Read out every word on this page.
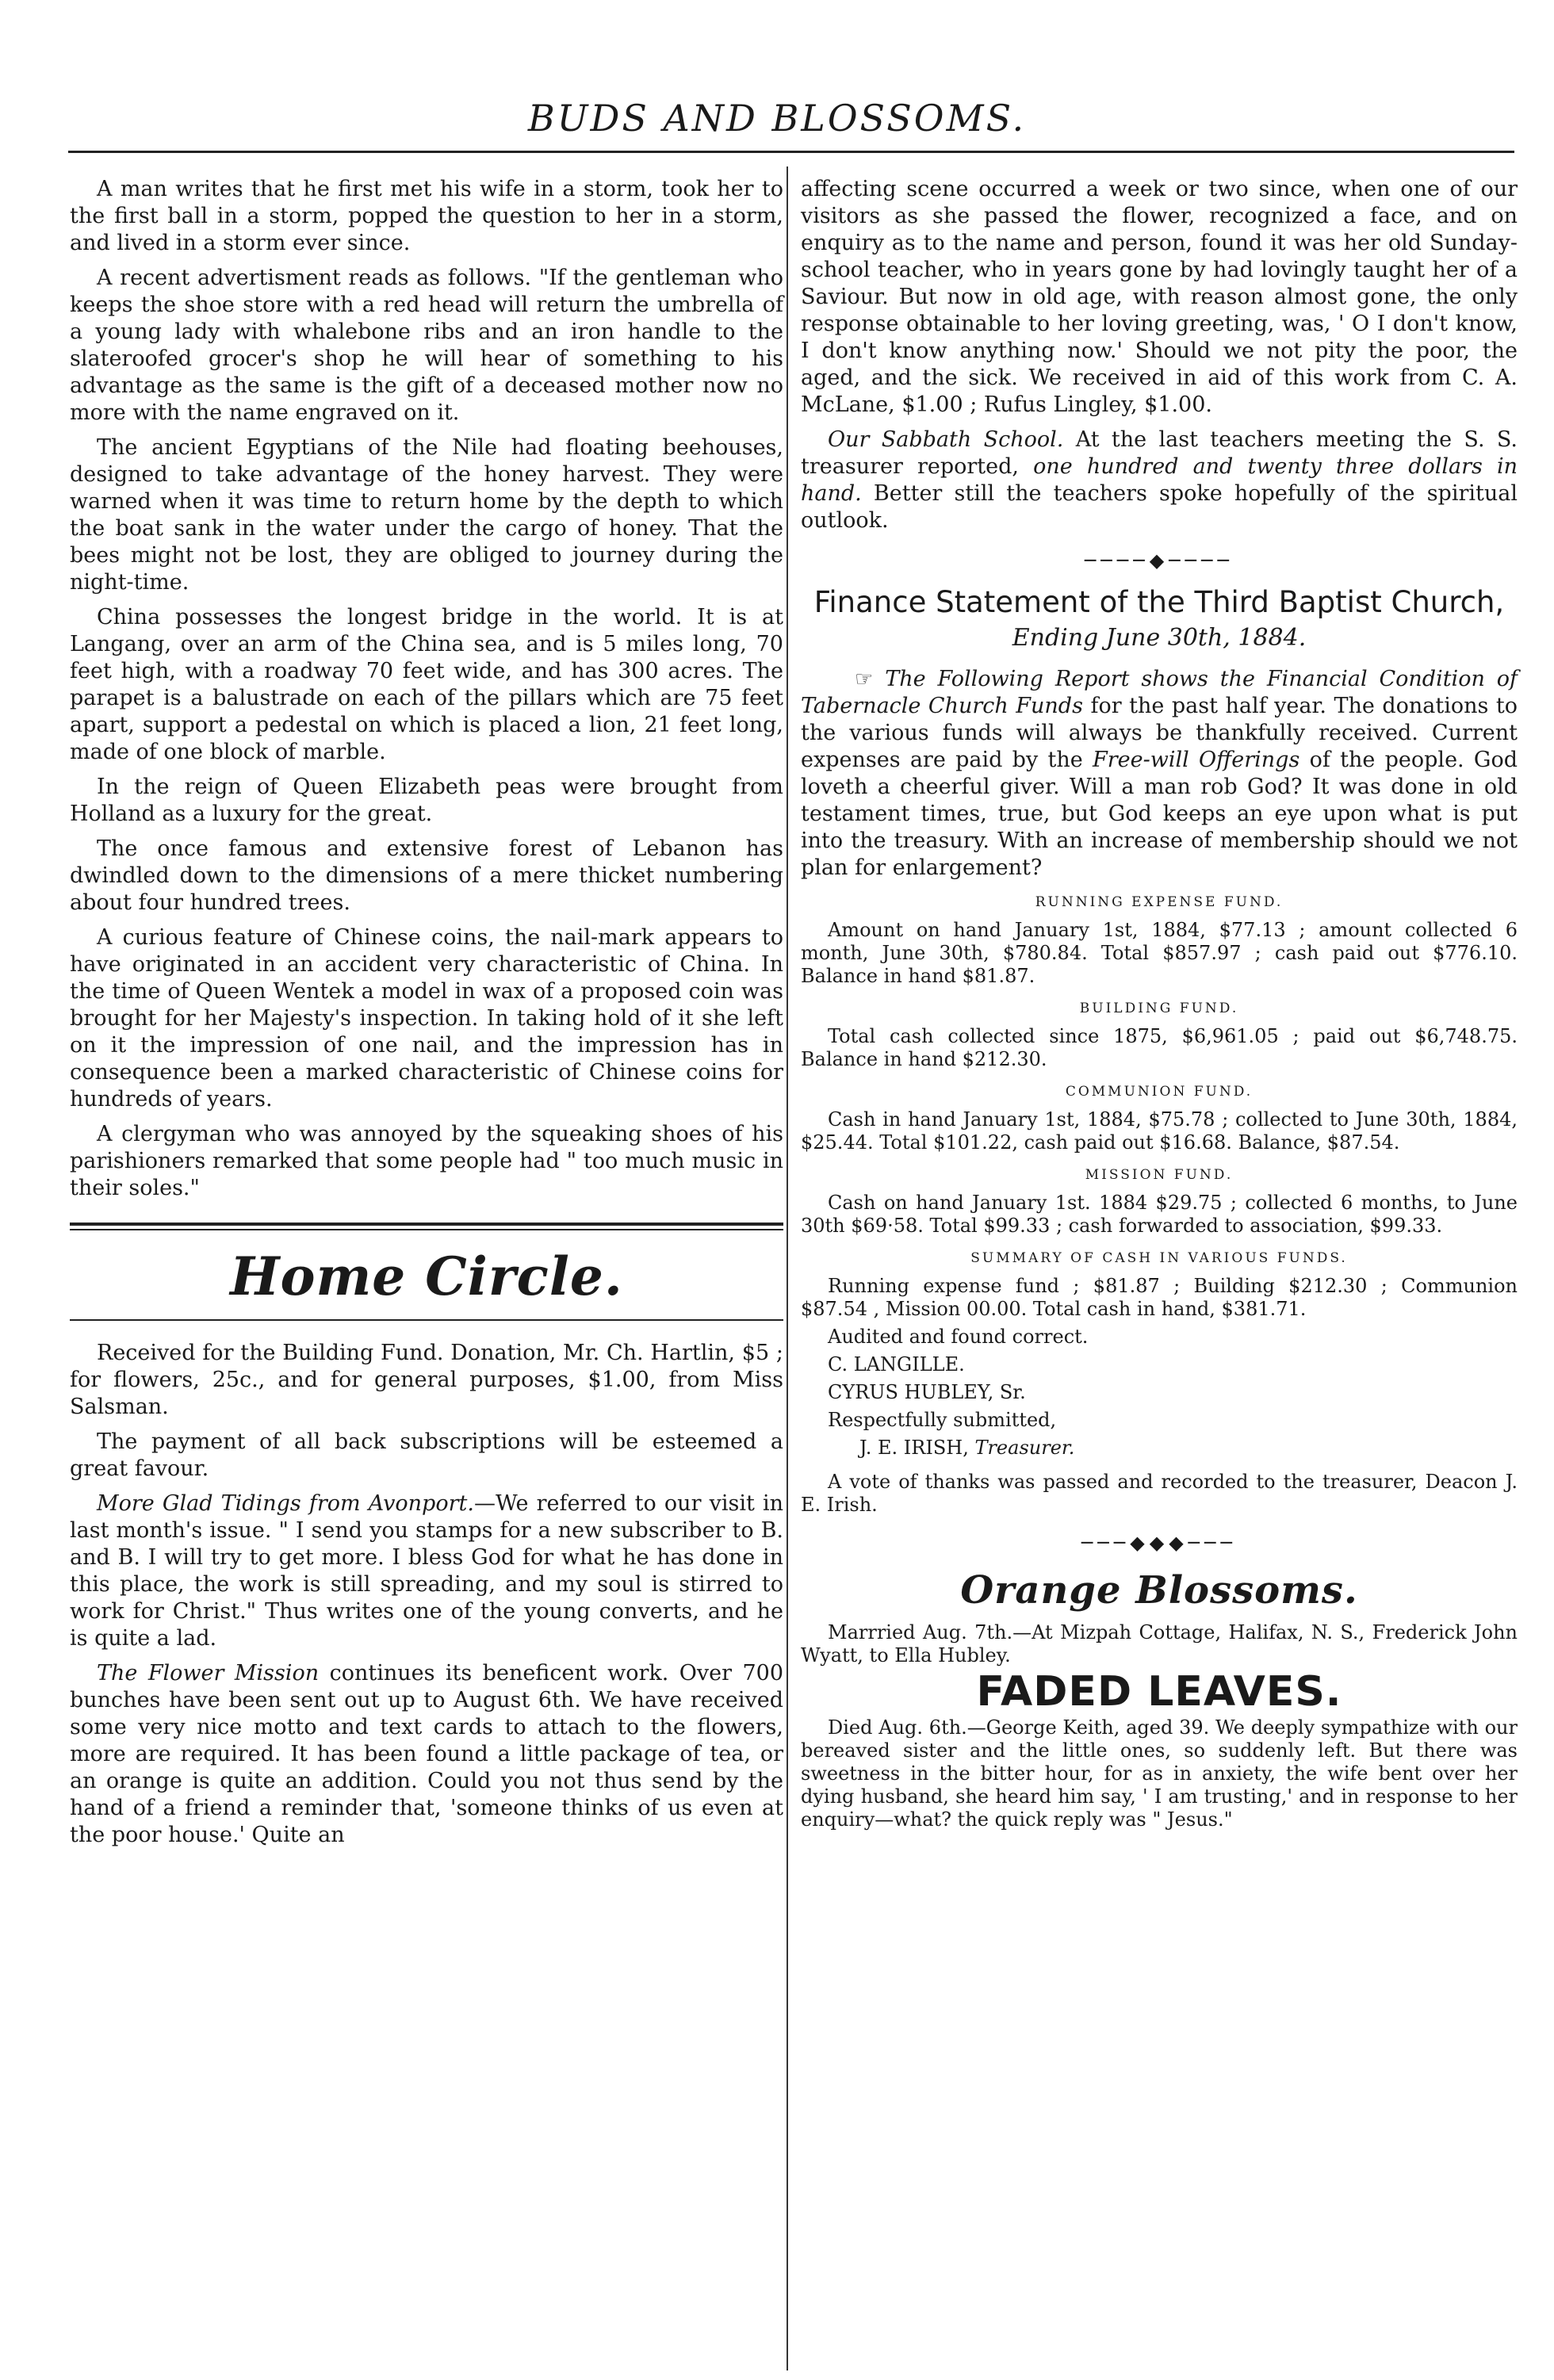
BUDS AND BLOSSOMS.

A man writes that he first met his wife in a storm, took her to the first ball in a storm, popped the question to her in a storm, and lived in a storm ever since.

A recent advertisment reads as follows. "If the gentleman who keeps the shoe store with a red head will return the umbrella of a young lady with whalebone ribs and an iron handle to the slateroofed grocer's shop he will hear of something to his advantage as the same is the gift of a deceased mother now no more with the name engraved on it.

The ancient Egyptians of the Nile had floating beehouses, designed to take advantage of the honey harvest. They were warned when it was time to return home by the depth to which the boat sank in the water under the cargo of honey. That the bees might not be lost, they are obliged to journey during the night-time.

China possesses the longest bridge in the world. It is at Langang, over an arm of the China sea, and is 5 miles long, 70 feet high, with a roadway 70 feet wide, and has 300 acres. The parapet is a balustrade on each of the pillars which are 75 feet apart, support a pedestal on which is placed a lion, 21 feet long, made of one block of marble.

In the reign of Queen Elizabeth peas were brought from Holland as a luxury for the great.

The once famous and extensive forest of Lebanon has dwindled down to the dimensions of a mere thicket numbering about four hundred trees.

A curious feature of Chinese coins, the nail-mark appears to have originated in an accident very characteristic of China. In the time of Queen Wentek a model in wax of a proposed coin was brought for her Majesty's inspection. In taking hold of it she left on it the impression of one nail, and the impression has in consequence been a marked characteristic of Chinese coins for hundreds of years.

A clergyman who was annoyed by the squeaking shoes of his parishioners remarked that some people had " too much music in their soles."

Home Circle.

Received for the Building Fund. Donation, Mr. Ch. Hartlin, $5 ; for flowers, 25c., and for general purposes, $1.00, from Miss Salsman.

The payment of all back subscriptions will be esteemed a great favour.

More Glad Tidings from Avonport.—We referred to our visit in last month's issue. " I send you stamps for a new subscriber to B. and B. I will try to get more. I bless God for what he has done in this place, the work is still spreading, and my soul is stirred to work for Christ." Thus writes one of the young converts, and he is quite a lad.

The Flower Mission continues its beneficent work. Over 700 bunches have been sent out up to August 6th. We have received some very nice motto and text cards to attach to the flowers, more are required. It has been found a little package of tea, or an orange is quite an addition. Could you not thus send by the hand of a friend a reminder that, 'someone thinks of us even at the poor house.' Quite an

affecting scene occurred a week or two since, when one of our visitors as she passed the flower, recognized a face, and on enquiry as to the name and person, found it was her old Sunday-school teacher, who in years gone by had lovingly taught her of a Saviour. But now in old age, with reason almost gone, the only response obtainable to her loving greeting, was, ' O I don't know, I don't know anything now.' Should we not pity the poor, the aged, and the sick. We received in aid of this work from C. A. McLane, $1.00 ; Rufus Lingley, $1.00.

Our Sabbath School. At the last teachers meeting the S. S. treasurer reported, one hundred and twenty three dollars in hand. Better still the teachers spoke hopefully of the spiritual outlook.

────◆────
Finance Statement of the Third Baptist Church,
Ending June 30th, 1884.

☞ The Following Report shows the Financial Condition of Tabernacle Church Funds for the past half year. The donations to the various funds will always be thankfully received. Current expenses are paid by the Free-will Offerings of the people. God loveth a cheerful giver. Will a man rob God? It was done in old testament times, true, but God keeps an eye upon what is put into the treasury. With an increase of membership should we not plan for enlargement?

RUNNING EXPENSE FUND.

Amount on hand January 1st, 1884, $77.13 ; amount collected 6 month, June 30th, $780.84. Total $857.97 ; cash paid out $776.10. Balance in hand $81.87.

BUILDING FUND.

Total cash collected since 1875, $6,961.05 ; paid out $6,748.75. Balance in hand $212.30.

COMMUNION FUND.

Cash in hand January 1st, 1884, $75.78 ; collected to June 30th, 1884, $25.44. Total $101.22, cash paid out $16.68. Balance, $87.54.

MISSION FUND.

Cash on hand January 1st. 1884 $29.75 ; collected 6 months, to June 30th $69·58. Total $99.33 ; cash forwarded to association, $99.33.

SUMMARY OF CASH IN VARIOUS FUNDS.

Running expense fund ; $81.87 ; Building $212.30 ; Communion $87.54 , Mission 00.00. Total cash in hand, $381.71.

Audited and found correct.

C. LANGILLE.

CYRUS HUBLEY, Sr.

Respectfully submitted,

J. E. IRISH, Treasurer.

A vote of thanks was passed and recorded to the treasurer, Deacon J. E. Irish.

───◆◆◆───
Orange Blossoms.

Marrried Aug. 7th.—At Mizpah Cottage, Halifax, N. S., Frederick John Wyatt, to Ella Hubley.

FADED LEAVES.

Died Aug. 6th.—George Keith, aged 39. We deeply sympathize with our bereaved sister and the little ones, so suddenly left. But there was sweetness in the bitter hour, for as in anxiety, the wife bent over her dying husband, she heard him say, ' I am trusting,' and in response to her enquiry—what? the quick reply was " Jesus."
